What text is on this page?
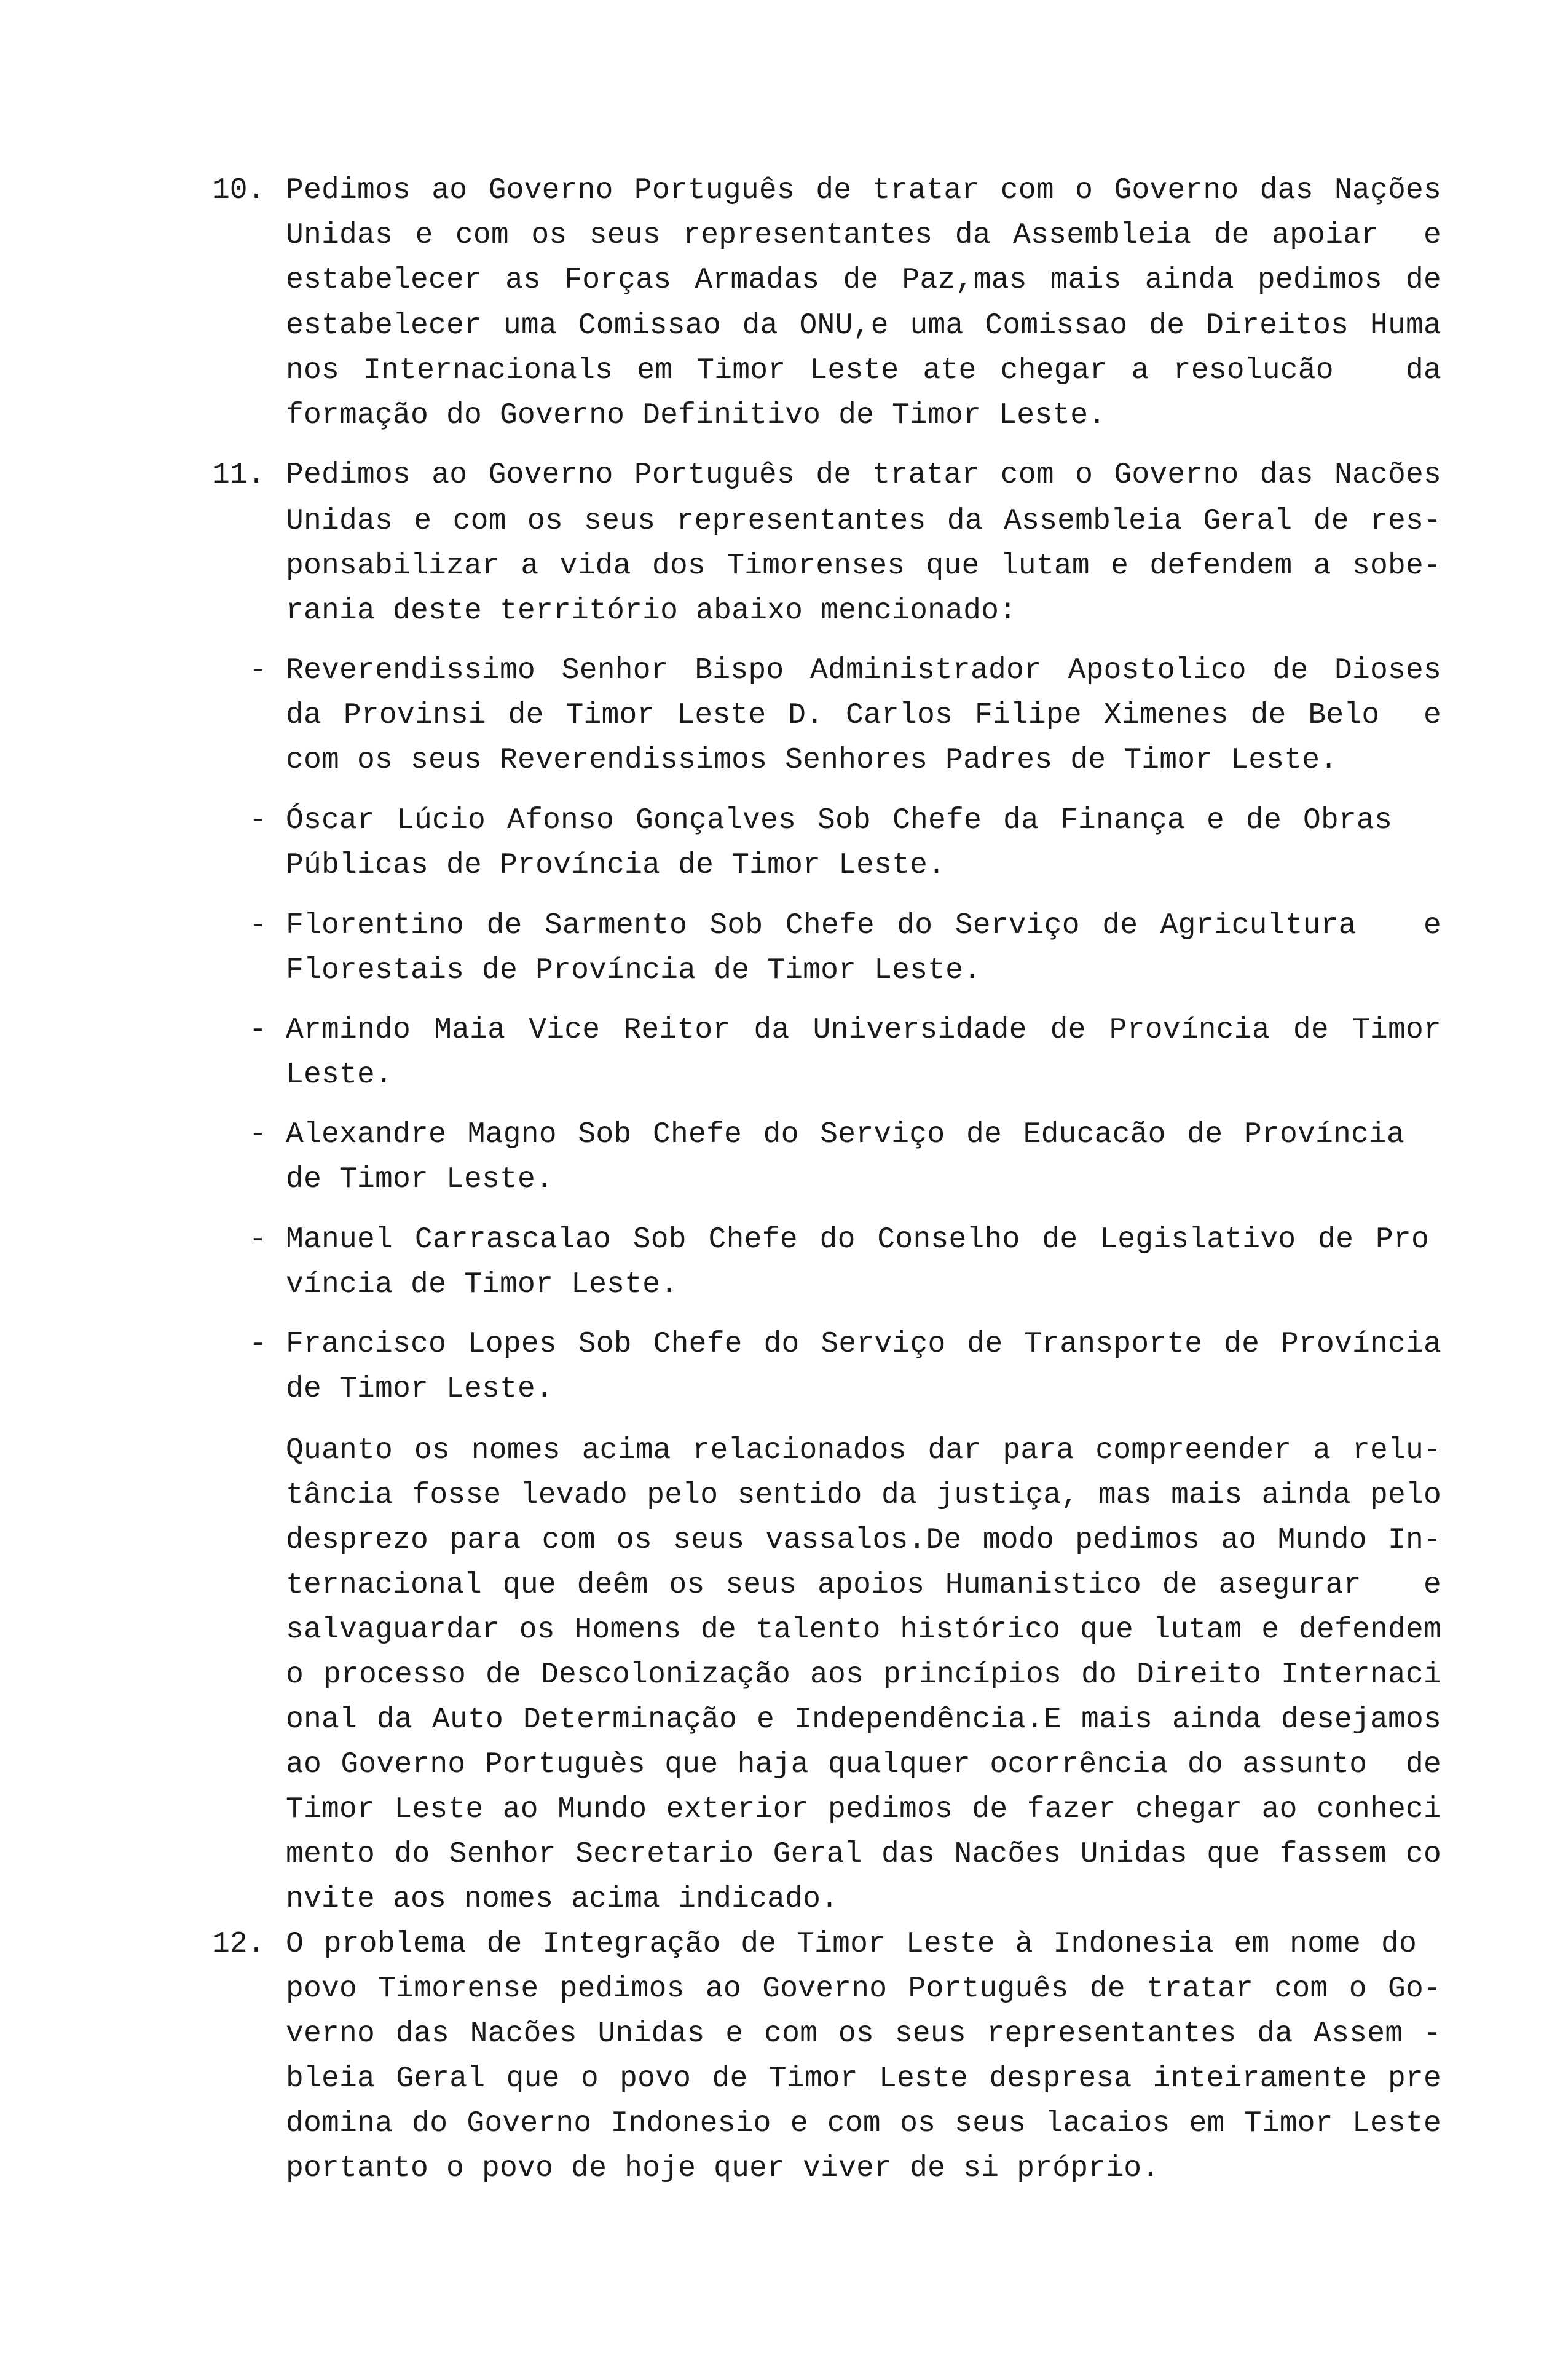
10. Pedimos ao Governo Português de tratar com o Governo das Nações
Unidas e com os seus representantes da Assembleia de apoiar  e
estabelecer as Forças Armadas de Paz,mas mais ainda pedimos de
estabelecer uma Comissao da ONU,e uma Comissao de Direitos Huma
nos Internacionals em Timor Leste ate chegar a resolucão   da
formação do Governo Definitivo de Timor Leste.
11. Pedimos ao Governo Português de tratar com o Governo das Nacões
Unidas e com os seus representantes da Assembleia Geral de res-
ponsabilizar a vida dos Timorenses que lutam e defendem a sobe-
rania deste território abaixo mencionado:
- Reverendissimo Senhor Bispo Administrador Apostolico de Dioses
da Provinsi de Timor Leste D. Carlos Filipe Ximenes de Belo  e
com os seus Reverendissimos Senhores Padres de Timor Leste.
- Óscar Lúcio Afonso Gonçalves Sob Chefe da Finança e de Obras
Públicas de Província de Timor Leste.
- Florentino de Sarmento Sob Chefe do Serviço de Agricultura   e
Florestais de Província de Timor Leste.
- Armindo Maia Vice Reitor da Universidade de Província de Timor
Leste.
- Alexandre Magno Sob Chefe do Serviço de Educacão de Província
de Timor Leste.
- Manuel Carrascalao Sob Chefe do Conselho de Legislativo de Pro
víncia de Timor Leste.
- Francisco Lopes Sob Chefe do Serviço de Transporte de Província
de Timor Leste.
Quanto os nomes acima relacionados dar para compreender a relu-
tância fosse levado pelo sentido da justiça, mas mais ainda pelo
desprezo para com os seus vassalos.De modo pedimos ao Mundo In-
ternacional que deêm os seus apoios Humanistico de asegurar   e
salvaguardar os Homens de talento histórico que lutam e defendem
o processo de Descolonização aos princípios do Direito Internaci
onal da Auto Determinação e Independência.E mais ainda desejamos
ao Governo Portuguès que haja qualquer ocorrência do assunto  de
Timor Leste ao Mundo exterior pedimos de fazer chegar ao conheci
mento do Senhor Secretario Geral das Nacões Unidas que fassem co
nvite aos nomes acima indicado.
12. O problema de Integração de Timor Leste à Indonesia em nome do
povo Timorense pedimos ao Governo Português de tratar com o Go-
verno das Nacões Unidas e com os seus representantes da Assem -
bleia Geral que o povo de Timor Leste despresa inteiramente pre
domina do Governo Indonesio e com os seus lacaios em Timor Leste
portanto o povo de hoje quer viver de si próprio.
